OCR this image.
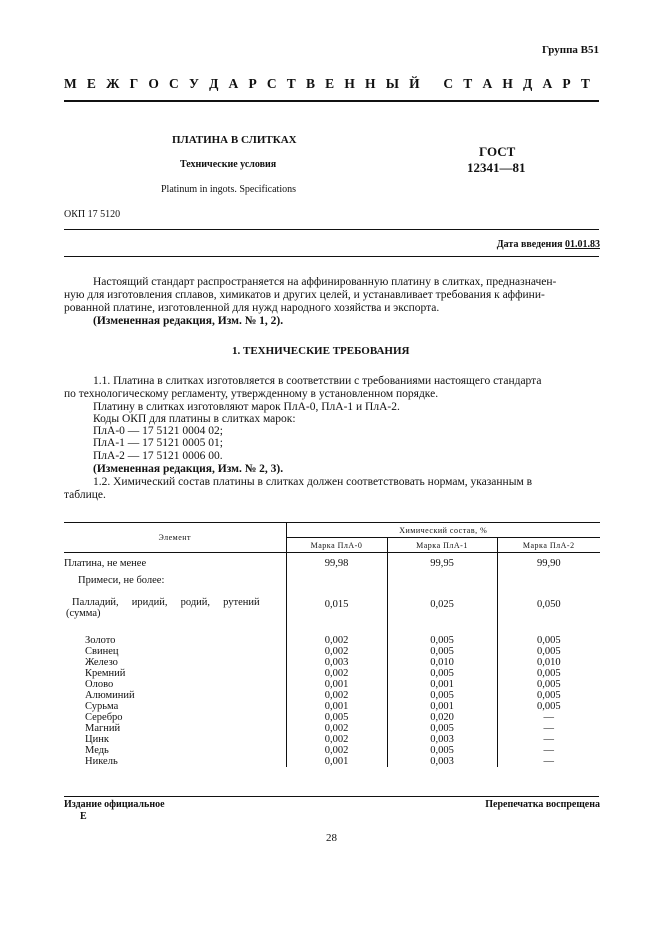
Группа В51
М Е Ж Г О С У Д А Р С Т В Е Н Н Ы Й   С Т А Н Д А Р Т
ПЛАТИНА В СЛИТКАХ
Технические условия
Platinum in ingots. Specifications
ГОСТ
12341—81
ОКП 17 5120
Дата введения 01.01.83
Настоящий стандарт распространяется на аффинированную платину в слитках, предназначен-
ную для изготовления сплавов, химикатов и других целей, и устанавливает требования к аффини-
рованной платине, изготовленной для нужд народного хозяйства и экспорта.
(Измененная редакция, Изм. № 1, 2).
1. ТЕХНИЧЕСКИЕ ТРЕБОВАНИЯ
1.1. Платина в слитках изготовляется в соответствии с требованиями настоящего стандарта
по технологическому регламенту, утвержденному в установленном порядке.
Платину в слитках изготовляют марок ПлА-0, ПлА-1 и ПлА-2.
Коды ОКП для платины в слитках марок:
ПлА-0 — 17 5121 0004 02;
ПлА-1 — 17 5121 0005 01;
ПлА-2 — 17 5121 0006 00.
(Измененная редакция, Изм. № 2, 3).
1.2. Химический состав платины в слитках должен соответствовать нормам, указанным в
таблице.
Элемент	Химический состав, %		
	Марка ПлА-0	Марка ПлА-1	Марка ПлА-2
Платина, не менее	99,98	99,95	99,90
Примеси, не более:			

Палладий,     иридий,     родий,     рутений
(сумма)	0,015	0,025	0,050
Золото	0,002	0,005	0,005
Свинец	0,002	0,005	0,005
Железо	0,003	0,010	0,010
Кремний	0,002	0,005	0,005
Олово	0,001	0,001	0,005
Алюминий	0,002	0,005	0,005
Сурьма	0,001	0,001	0,005
Серебро	0,005	0,020	—
Магний	0,002	0,005	—
Цинк	0,002	0,003	—
Медь	0,002	0,005	—
Никель	0,001	0,003	—
Издание официальное
Е
Перепечатка воспрещена
28
